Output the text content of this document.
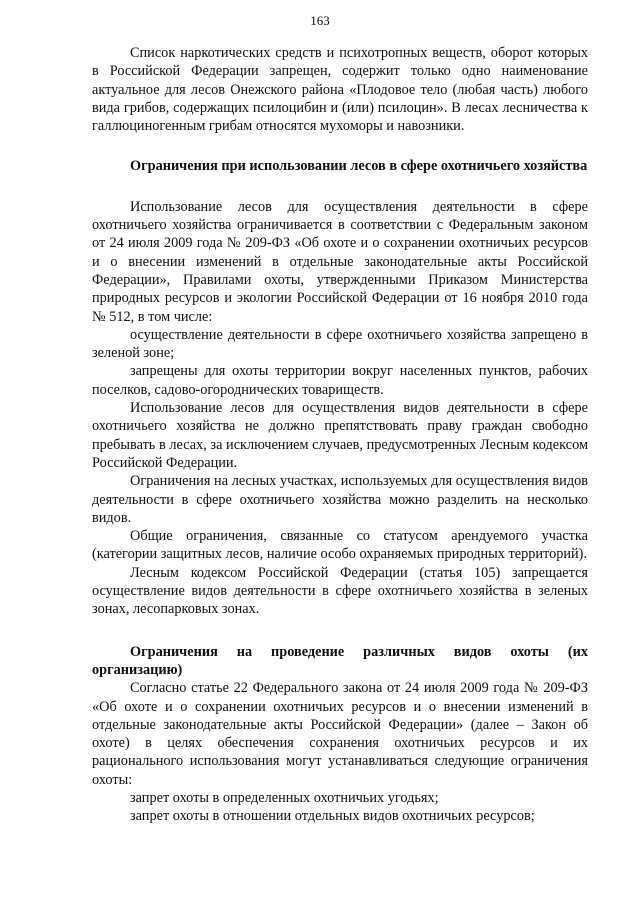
163

Список наркотических средств и психотропных веществ, оборот которых в Российской Федерации запрещен, содержит только одно наименование актуальное для лесов Онежского района «Плодовое тело (любая часть) любого вида грибов, содержащих псилоцибин и (или) псилоцин». В лесах лесничества к галлюциногенным грибам относятся мухоморы и навозники.

Ограничения при использовании лесов в сфере охотничьего хозяйства

Использование лесов для осуществления деятельности в сфере охотничьего хозяйства ограничивается в соответствии с Федеральным законом от 24 июля 2009 года № 209-ФЗ «Об охоте и о сохранении охотничьих ресурсов и о внесении изменений в отдельные законодательные акты Российской Федерации», Правилами охоты, утвержденными Приказом Министерства природных ресурсов и экологии Российской Федерации от 16 ноября 2010 года № 512, в том числе:

осуществление деятельности в сфере охотничьего хозяйства запрещено в зеленой зоне;

запрещены для охоты территории вокруг населенных пунктов, рабочих поселков, садово-огороднических товариществ.

Использование лесов для осуществления видов деятельности в сфере охотничьего хозяйства не должно препятствовать праву граждан свободно пребывать в лесах, за исключением случаев, предусмотренных Лесным кодексом Российской Федерации.

Ограничения на лесных участках, используемых для осуществления видов деятельности в сфере охотничьего хозяйства можно разделить на несколько видов.

Общие ограничения, связанные со статусом арендуемого участка (категории защитных лесов, наличие особо охраняемых природных территорий).

Лесным кодексом Российской Федерации (статья 105) запрещается осуществление видов деятельности в сфере охотничьего хозяйства в зеленых зонах, лесопарковых зонах.

Ограничения на проведение различных видов охоты (их организацию)

Согласно статье 22 Федерального закона от 24 июля 2009 года № 209-ФЗ «Об охоте и о сохранении охотничьих ресурсов и о внесении изменений в отдельные законодательные акты Российской Федерации» (далее – Закон об охоте) в целях обеспечения сохранения охотничьих ресурсов и их рационального использования могут устанавливаться следующие ограничения охоты:

запрет охоты в определенных охотничьих угодьях;

запрет охоты в отношении отдельных видов охотничьих ресурсов;
